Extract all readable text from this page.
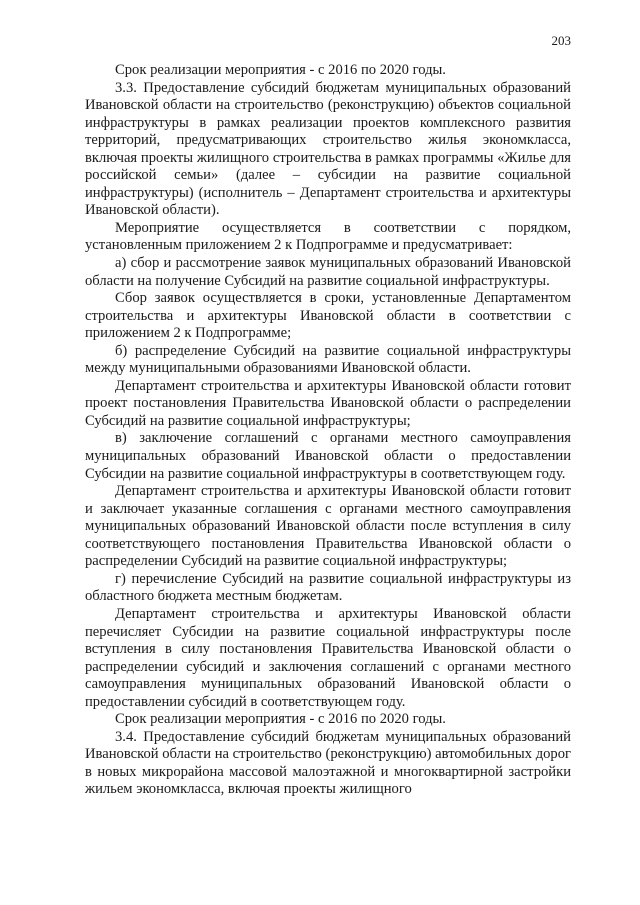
203

Срок реализации мероприятия - с 2016 по 2020 годы.

3.3. Предоставление субсидий бюджетам муниципальных образований Ивановской области на строительство (реконструкцию) объектов социальной инфраструктуры в рамках реализации проектов комплексного развития территорий, предусматривающих строительство жилья экономкласса, включая проекты жилищного строительства в рамках программы «Жилье для российской семьи» (далее – субсидии на развитие социальной инфраструктуры) (исполнитель – Департамент строительства и архитектуры Ивановской области).

Мероприятие осуществляется в соответствии с порядком, установленным приложением 2 к Подпрограмме и предусматривает:

а) сбор и рассмотрение заявок муниципальных образований Ивановской области на получение Субсидий на развитие социальной инфраструктуры.

Сбор заявок осуществляется в сроки, установленные Департаментом строительства и архитектуры Ивановской области в соответствии с приложением 2 к Подпрограмме;

б) распределение Субсидий на развитие социальной инфраструктуры между муниципальными образованиями Ивановской области.

Департамент строительства и архитектуры Ивановской области готовит проект постановления Правительства Ивановской области о распределении Субсидий на развитие социальной инфраструктуры;

в) заключение соглашений с органами местного самоуправления муниципальных образований Ивановской области о предоставлении Субсидии на развитие социальной инфраструктуры в соответствующем году.

Департамент строительства и архитектуры Ивановской области готовит и заключает указанные соглашения с органами местного самоуправления муниципальных образований Ивановской области после вступления в силу соответствующего постановления Правительства Ивановской области о распределении Субсидий на развитие социальной инфраструктуры;

г) перечисление Субсидий на развитие социальной инфраструктуры из областного бюджета местным бюджетам.

Департамент строительства и архитектуры Ивановской области перечисляет Субсидии на развитие социальной инфраструктуры после вступления в силу постановления Правительства Ивановской области о распределении субсидий и заключения соглашений с органами местного самоуправления муниципальных образований Ивановской области о предоставлении субсидий в соответствующем году.

Срок реализации мероприятия - с 2016 по 2020 годы.

3.4. Предоставление субсидий бюджетам муниципальных образований Ивановской области на строительство (реконструкцию) автомобильных дорог в новых микрорайона массовой малоэтажной и многоквартирной застройки жильем экономкласса, включая проекты жилищного
